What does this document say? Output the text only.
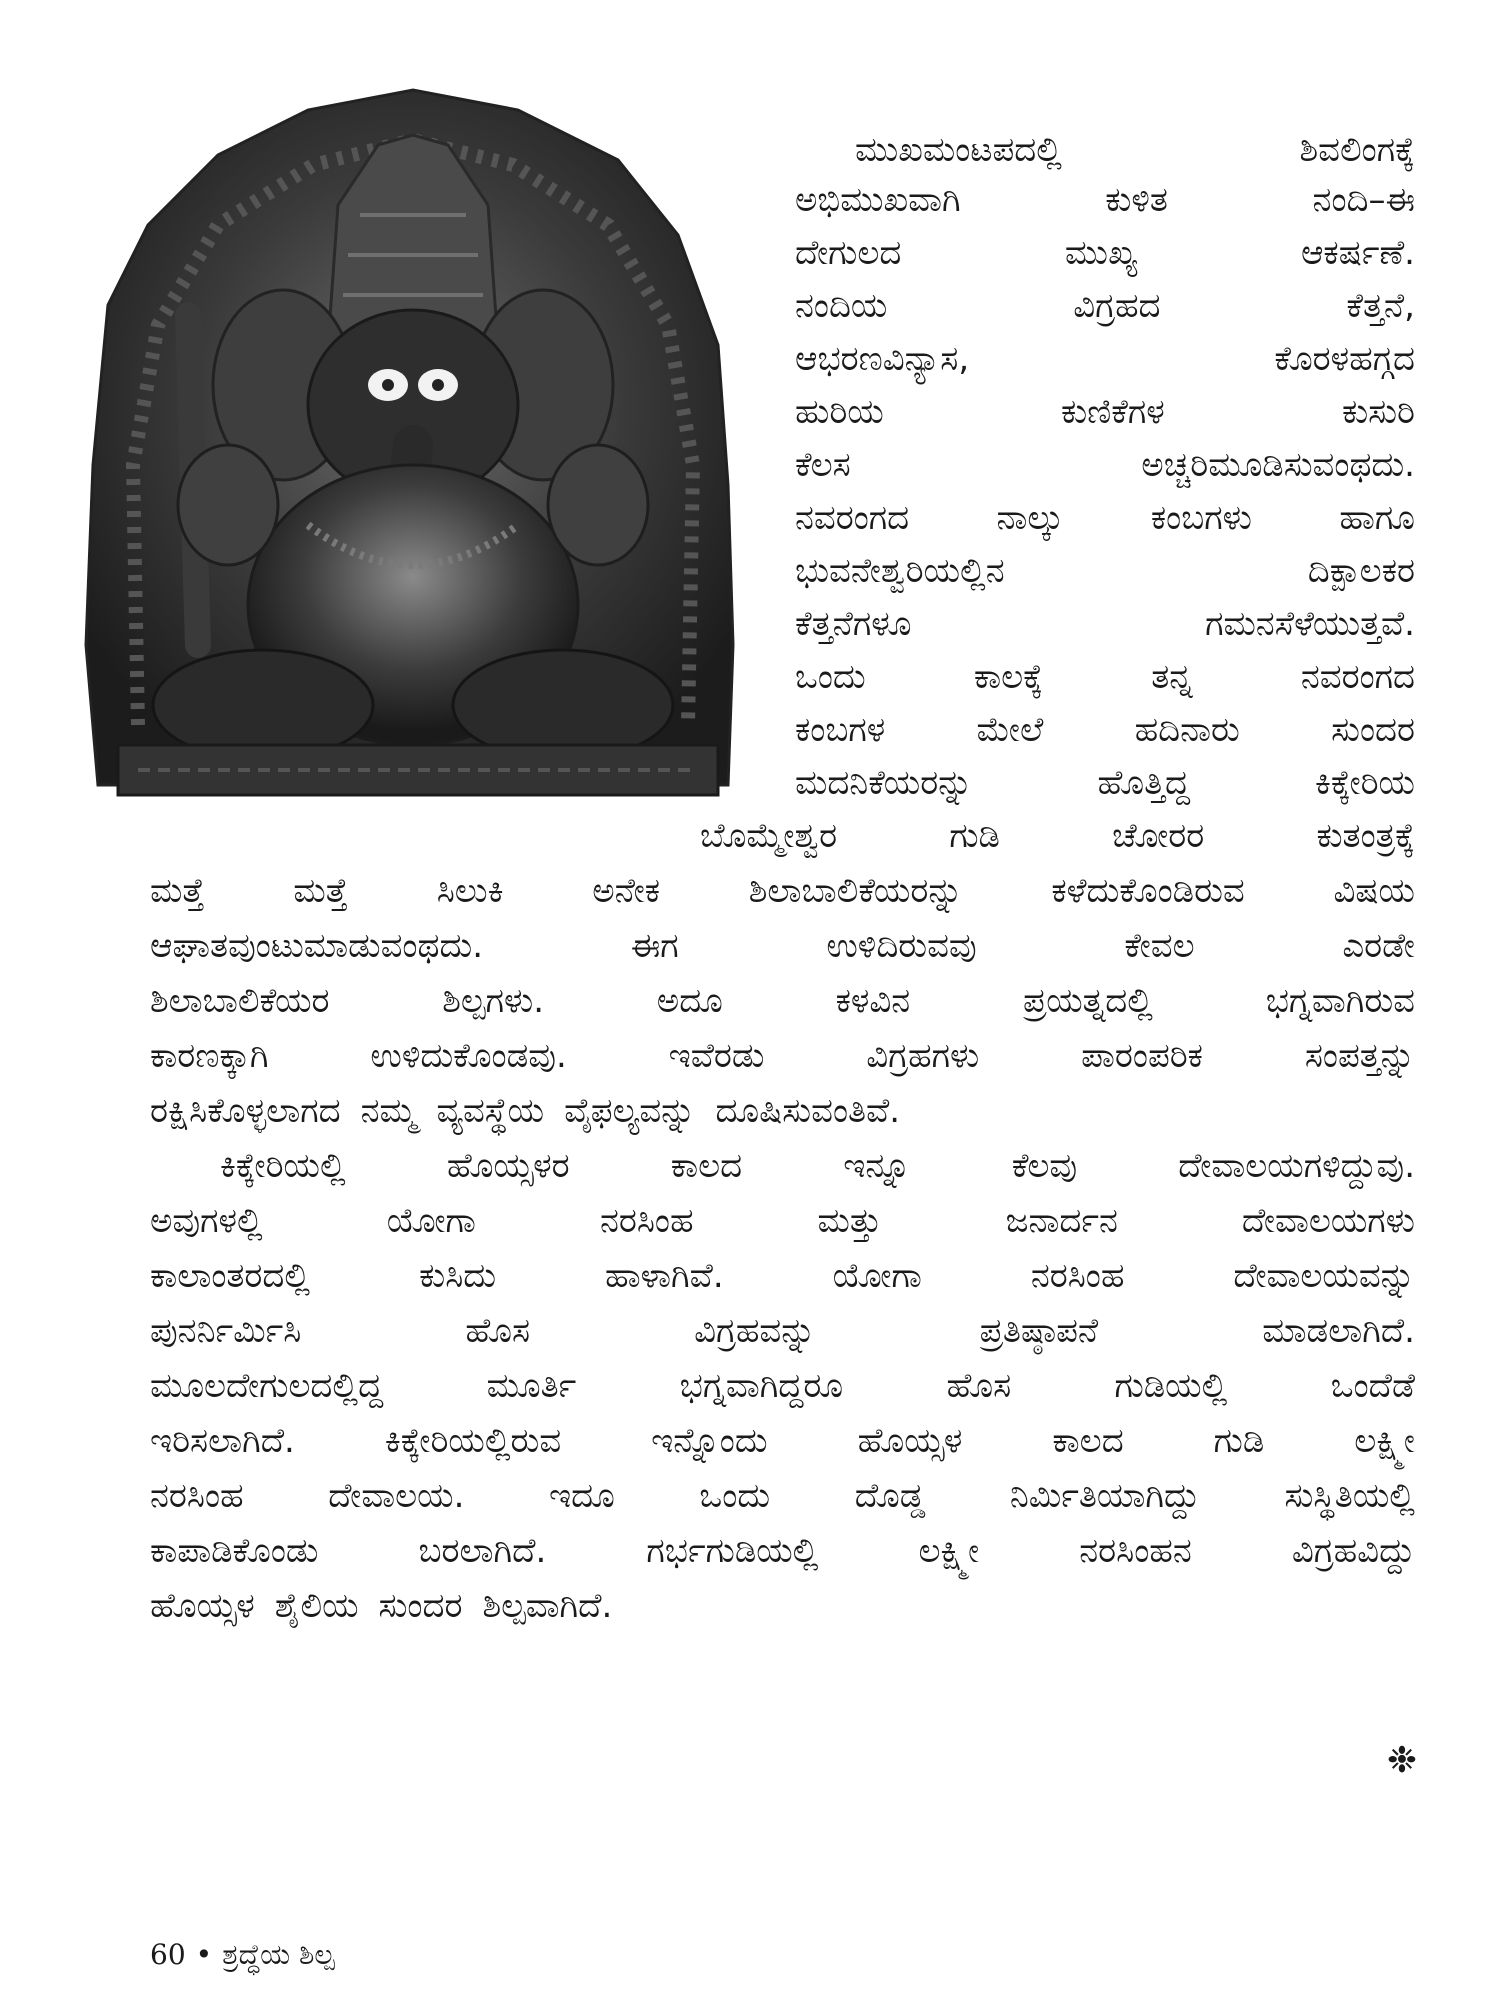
ಮುಖಮಂಟಪದಲ್ಲಿ	ಶಿವಲಿಂಗಕ್ಕೆ
ಅಭಿಮುಖವಾಗಿ	ಕುಳಿತ	ನಂದಿ–ಈ
ದೇಗುಲದ	ಮುಖ್ಯ	ಆಕರ್ಷಣೆ.
ನಂದಿಯ	ವಿಗ್ರಹದ	ಕೆತ್ತನೆ,
ಆಭರಣವಿನ್ಯಾಸ,	ಕೊರಳಹಗ್ಗದ
ಹುರಿಯ	ಕುಣಿಕೆಗಳ	ಕುಸುರಿ
ಕೆಲಸ	ಅಚ್ಚರಿಮೂಡಿಸುವಂಥದು.
ನವರಂಗದ	ನಾಲ್ಕು	ಕಂಬಗಳು	ಹಾಗೂ
ಭುವನೇಶ್ವರಿಯಲ್ಲಿನ	ದಿಕ್ಪಾಲಕರ
ಕೆತ್ತನೆಗಳೂ	ಗಮನಸೆಳೆಯುತ್ತವೆ.
ಒಂದು	ಕಾಲಕ್ಕೆ	ತನ್ನ	ನವರಂಗದ
ಕಂಬಗಳ	ಮೇಲೆ	ಹದಿನಾರು	ಸುಂದರ
ಮದನಿಕೆಯರನ್ನು	ಹೊತ್ತಿದ್ದ	ಕಿಕ್ಕೇರಿಯ
ಬೊಮ್ಮೇಶ್ವರ	ಗುಡಿ	ಚೋರರ	ಕುತಂತ್ರಕ್ಕೆ
ಮತ್ತೆ	ಮತ್ತೆ	ಸಿಲುಕಿ	ಅನೇಕ	ಶಿಲಾಬಾಲಿಕೆಯರನ್ನು	ಕಳೆದುಕೊಂಡಿರುವ	ವಿಷಯ
ಆಘಾತವುಂಟುಮಾಡುವಂಥದು.	ಈಗ	ಉಳಿದಿರುವವು	ಕೇವಲ	ಎರಡೇ
ಶಿಲಾಬಾಲಿಕೆಯರ	ಶಿಲ್ಪಗಳು.	ಅದೂ	ಕಳವಿನ	ಪ್ರಯತ್ನದಲ್ಲಿ	ಭಗ್ನವಾಗಿರುವ
ಕಾರಣಕ್ಕಾಗಿ	ಉಳಿದುಕೊಂಡವು.	ಇವೆರಡು	ವಿಗ್ರಹಗಳು	ಪಾರಂಪರಿಕ	ಸಂಪತ್ತನ್ನು
ರಕ್ಷಿಸಿಕೊಳ್ಳಲಾಗದ ನಮ್ಮ ವ್ಯವಸ್ಥೆಯ ವೈಫಲ್ಯವನ್ನು ದೂಷಿಸುವಂತಿವೆ.
ಕಿಕ್ಕೇರಿಯಲ್ಲಿ	ಹೊಯ್ಸಳರ	ಕಾಲದ	ಇನ್ನೂ	ಕೆಲವು	ದೇವಾಲಯಗಳಿದ್ದುವು.
ಅವುಗಳಲ್ಲಿ	ಯೋಗಾ	ನರಸಿಂಹ	ಮತ್ತು	ಜನಾರ್ದನ	ದೇವಾಲಯಗಳು
ಕಾಲಾಂತರದಲ್ಲಿ	ಕುಸಿದು	ಹಾಳಾಗಿವೆ.	ಯೋಗಾ	ನರಸಿಂಹ	ದೇವಾಲಯವನ್ನು
ಪುನರ್ನಿರ್ಮಿಸಿ	ಹೊಸ	ವಿಗ್ರಹವನ್ನು	ಪ್ರತಿಷ್ಠಾಪನೆ	ಮಾಡಲಾಗಿದೆ.
ಮೂಲದೇಗುಲದಲ್ಲಿದ್ದ	ಮೂರ್ತಿ	ಭಗ್ನವಾಗಿದ್ದರೂ	ಹೊಸ	ಗುಡಿಯಲ್ಲಿ	ಒಂದೆಡೆ
ಇರಿಸಲಾಗಿದೆ.	ಕಿಕ್ಕೇರಿಯಲ್ಲಿರುವ	ಇನ್ನೊಂದು	ಹೊಯ್ಸಳ	ಕಾಲದ	ಗುಡಿ	ಲಕ್ಷ್ಮೀ
ನರಸಿಂಹ ದೇವಾಲಯ. ಇದೂ ಒಂದು ದೊಡ್ಡ ನಿರ್ಮಿತಿಯಾಗಿದ್ದು ಸುಸ್ಥಿತಿಯಲ್ಲಿ
ಕಾಪಾಡಿಕೊಂಡು	ಬರಲಾಗಿದೆ.	ಗರ್ಭಗುಡಿಯಲ್ಲಿ	ಲಕ್ಷ್ಮೀ	ನರಸಿಂಹನ	ವಿಗ್ರಹವಿದ್ದು
ಹೊಯ್ಸಳ ಶೈಲಿಯ ಸುಂದರ ಶಿಲ್ಪವಾಗಿದೆ.
❉
60 • ಶ್ರದ್ಧೆಯ ಶಿಲ್ಪ
